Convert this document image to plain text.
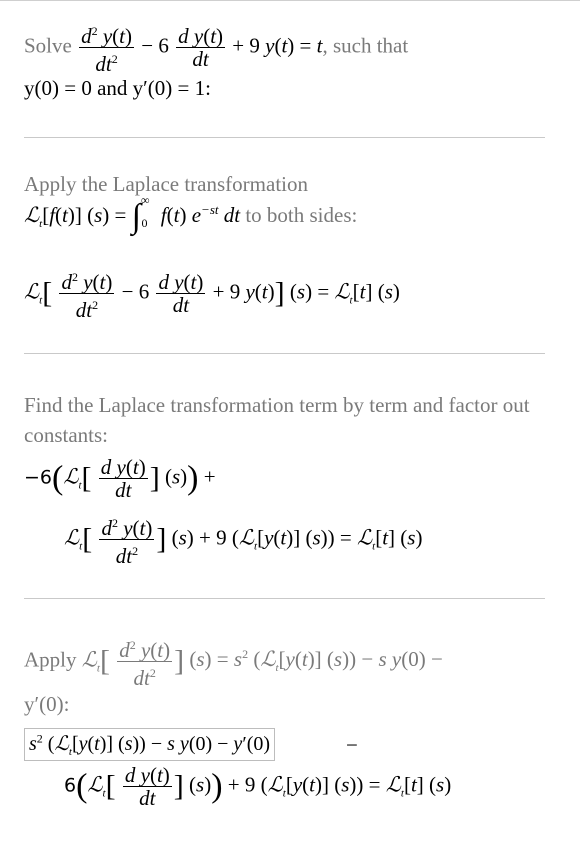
Solve $\frac{d^2 y(t)}{dt^2} - 6 \frac{\text{d y(t)}}{dt} + 9$ y(t) = t, such that
y(0) = 0 and y′(0) = 1:
Apply the Laplace transformation
ℒ$_t$[f(t)] $(s) = \int^\infty_0$ f(t) $e^{-st}$ dt to both sides:
ℒ$_t$[ $\frac{d^2 y(t)}{dt^2} - 6 \frac{\text{d y(t)}}{dt} + 9$ y(t)] (s) = ℒ$_t$[t] (s)
Find the Laplace transformation term by term and factor out constants:
−6(ℒ$_t$[ $\frac{\text{d y(t)}}{dt}$ ] (s)) +
ℒ$_t$[ $\frac{d^2 y(t)}{dt^2}$ ] (s) + 9 (ℒ$_t$[y(t)] (s)) = ℒ$_t$[t] (s)
Apply ℒ$_t$[ $\frac{d^2 y(t)}{dt^2}$ ] $(s) = s^2$ (ℒ$_t$[y(t)] (s)) − s y(0) −
y′(0):
$s^2$ (ℒ$_t$[y(t)] (s)) − s y(0) − y′(0)	−
6(ℒ$_t$[ $\frac{\text{d y(t)}}{dt}$ ] (s)) + 9 (ℒ$_t$[y(t)] (s)) = ℒ$_t$[t] (s)
